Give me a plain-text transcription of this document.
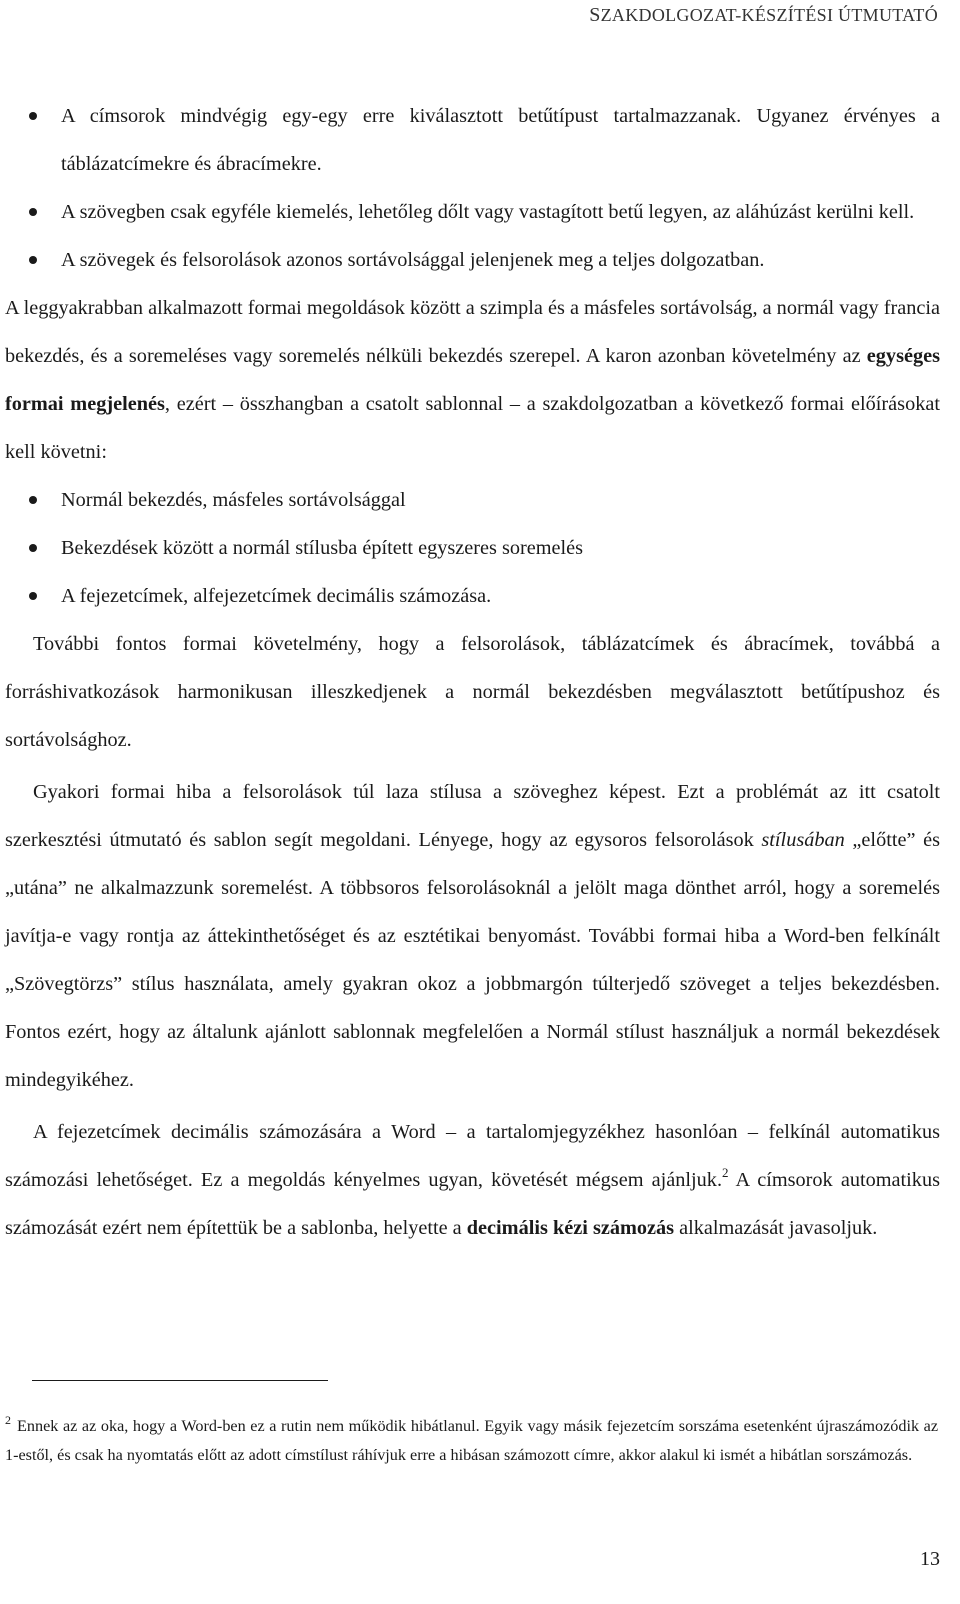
SZAKDOLGOZAT-KÉSZÍTÉSI ÚTMUTATÓ
A címsorok mindvégig egy-egy erre kiválasztott betűtípust tartalmazzanak. Ugyanez érvényes a táblázatcímekre és ábracímekre.
A szövegben csak egyféle kiemelés, lehetőleg dőlt vagy vastagított betű legyen, az aláhúzást kerülni kell.
A szövegek és felsorolások azonos sortávolsággal jelenjenek meg a teljes dolgozatban.

A leggyakrabban alkalmazott formai megoldások között a szimpla és a másfeles sortávolság, a normál vagy francia bekezdés, és a soremeléses vagy soremelés nélküli bekezdés szerepel. A karon azonban követelmény az egységes formai megjelenés, ezért – összhangban a csatolt sablonnal – a szakdolgozatban a következő formai előírásokat kell követni:

Normál bekezdés, másfeles sortávolsággal
Bekezdések között a normál stílusba épített egyszeres soremelés
A fejezetcímek, alfejezetcímek decimális számozása.

További fontos formai követelmény, hogy a felsorolások, táblázatcímek és ábracímek, továbbá a forráshivatkozások harmonikusan illeszkedjenek a normál bekezdésben megválasztott betűtípushoz és sortávolsághoz.

Gyakori formai hiba a felsorolások túl laza stílusa a szöveghez képest. Ezt a problémát az itt csatolt szerkesztési útmutató és sablon segít megoldani. Lényege, hogy az egysoros felsorolások stílusában „előtte” és „utána” ne alkalmazzunk soremelést. A többsoros felsorolásoknál a jelölt maga dönthet arról, hogy a soremelés javítja-e vagy rontja az áttekinthetőséget és az esztétikai benyomást. További formai hiba a Word-ben felkínált „Szövegtörzs” stílus használata, amely gyakran okoz a jobbmargón túlterjedő szöveget a teljes bekezdésben. Fontos ezért, hogy az általunk ajánlott sablonnak megfelelően a Normál stílust használjuk a normál bekezdések mindegyikéhez.

A fejezetcímek decimális számozására a Word – a tartalomjegyzékhez hasonlóan – felkínál automatikus számozási lehetőséget. Ez a megoldás kényelmes ugyan, követését mégsem ajánljuk.$^2$ A címsorok automatikus számozását ezért nem építettük be a sablonba, helyette a decimális kézi számozás alkalmazását javasoljuk.

$^2$ Ennek az az oka, hogy a Word-ben ez a rutin nem működik hibátlanul. Egyik vagy másik fejezetcím sorszáma esetenként újraszámozódik az 1-estől, és csak ha nyomtatás előtt az adott címstílust ráhívjuk erre a hibásan számozott címre, akkor alakul ki ismét a hibátlan sorszámozás.
13
